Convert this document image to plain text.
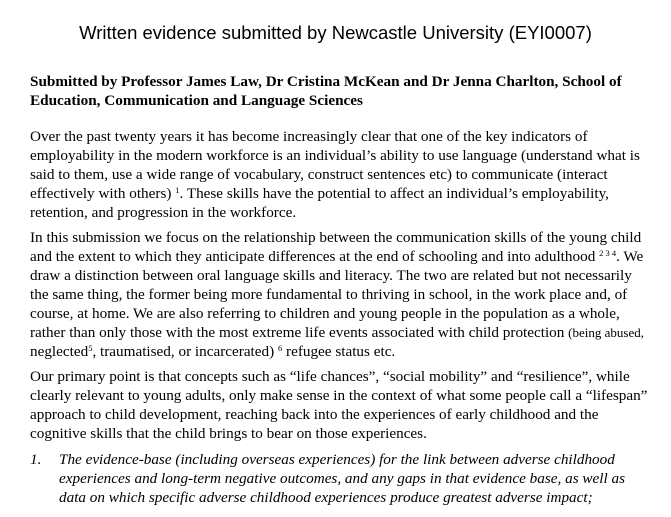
Written evidence submitted by Newcastle University (EYI0007)

Submitted by Professor James Law, Dr Cristina McKean and Dr Jenna Charlton, School of
Education, Communication and Language Sciences

Over the past twenty years it has become increasingly clear that one of the key indicators of
employability in the modern workforce is an individual’s ability to use language (understand what is
said to them, use a wide range of vocabulary, construct sentences etc) to communicate (interact
effectively with others) $^1$. These skills have the potential to affect an individual’s employability,
retention, and progression in the workforce.

In this submission we focus on the relationship between the communication skills of the young child
and the extent to which they anticipate differences at the end of schooling and into adulthood $^{2 3 4}$. We
draw a distinction between oral language skills and literacy. The two are related but not necessarily
the same thing, the former being more fundamental to thriving in school, in the work place and, of
course, at home. We are also referring to children and young people in the population as a whole,
rather than only those with the most extreme life events associated with child protection (being abused,
neglected$^5$, traumatised, or incarcerated) $^6$ refugee status etc.

Our primary point is that concepts such as “life chances”, “social mobility” and “resilience”, while
clearly relevant to young adults, only make sense in the context of what some people call a “lifespan”
approach to child development, reaching back into the experiences of early childhood and the
cognitive skills that the child brings to bear on those experiences.

1. The evidence-base (including overseas experiences) for the link between adverse childhood
experiences and long-term negative outcomes, and any gaps in that evidence base, as well as
data on which specific adverse childhood experiences produce greatest adverse impact;
